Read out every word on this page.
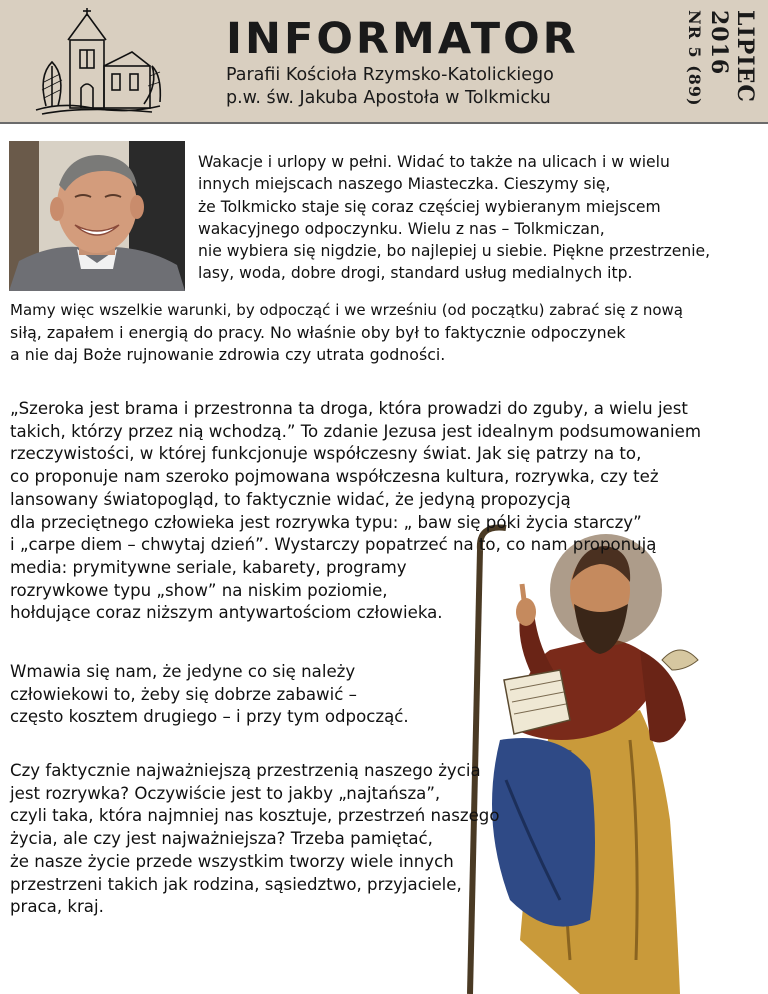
INFORMATOR
Parafii Kościoła Rzymsko-Katolickiego
p.w. św. Jakuba Apostoła w Tolkmicku	LIPIEC
2016
NR 5 (89)
Wakacje i urlopy w pełni. Widać to także na ulicach i w wielu
innych miejscach naszego Miasteczka. Cieszymy się,
że Tolkmicko staje się coraz częściej wybieranym miejscem
wakacyjnego odpoczynku. Wielu z nas – Tolkmiczan,
nie wybiera się nigdzie, bo najlepiej u siebie. Piękne przestrzenie,
lasy, woda, dobre drogi, standard usług medialnych itp.
Mamy więc wszelkie warunki, by odpocząć i we wrześniu (od początku) zabrać się z nową
siłą, zapałem i energią do pracy. No właśnie oby był to faktycznie odpoczynek
a nie daj Boże rujnowanie zdrowia czy utrata godności.
„Szeroka jest brama i przestronna ta droga, która prowadzi do zguby, a wielu jest
takich, którzy przez nią wchodzą.” To zdanie Jezusa jest idealnym podsumowaniem
rzeczywistości, w której funkcjonuje współczesny świat. Jak się patrzy na to,
co proponuje nam szeroko pojmowana współczesna kultura, rozrywka, czy też
lansowany światopogląd, to faktycznie widać, że jedyną propozycją
dla przeciętnego człowieka jest rozrywka typu: „ baw się póki życia starczy”
i „carpe diem – chwytaj dzień”. Wystarczy popatrzeć na to, co nam proponują
media: prymitywne seriale, kabarety, programy
rozrywkowe typu „show” na niskim poziomie,
hołdujące coraz niższym antywartościom człowieka.
Wmawia się nam, że jedyne co się należy
człowiekowi to, żeby się dobrze zabawić –
często kosztem drugiego – i przy tym odpocząć.
Czy faktycznie najważniejszą przestrzenią naszego życia
jest rozrywka? Oczywiście jest to jakby „najtańsza”,
czyli taka, która najmniej nas kosztuje, przestrzeń naszego
życia, ale czy jest najważniejsza? Trzeba pamiętać,
że nasze życie przede wszystkim tworzy wiele innych
przestrzeni takich jak rodzina, sąsiedztwo, przyjaciele,
praca, kraj.
